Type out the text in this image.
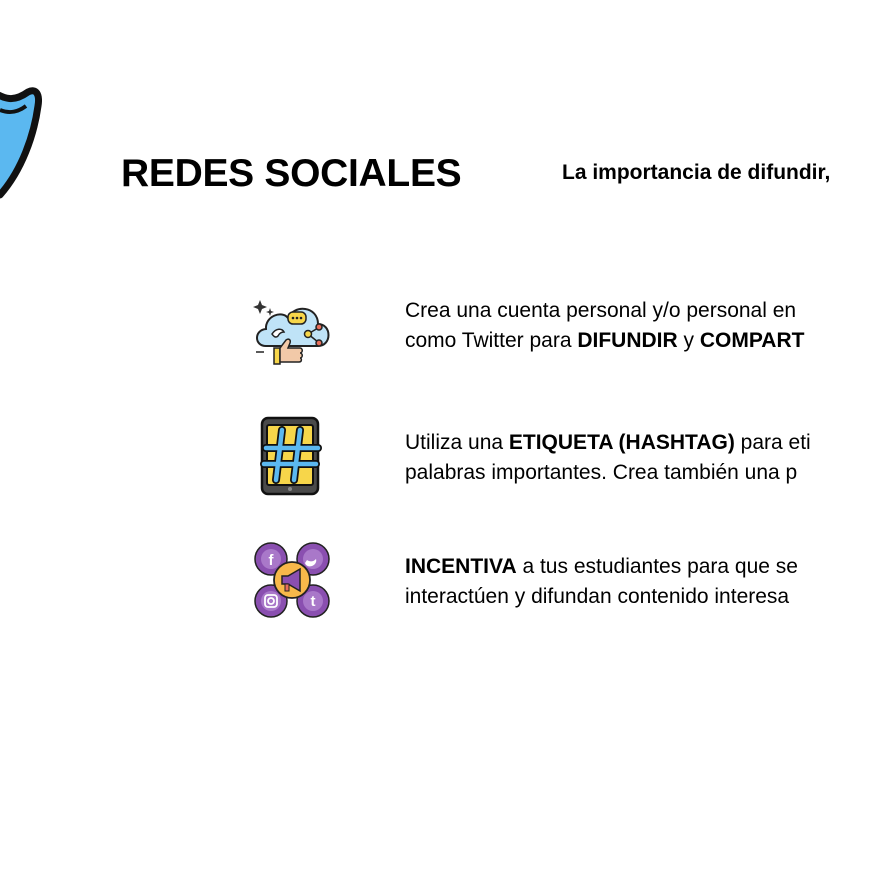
REDES SOCIALES	La importancia de difundir,
Crea una cuenta personal y/o personal en
como Twitter para DIFUNDIR y COMPART
Utiliza una ETIQUETA (HASHTAG) para eti
palabras importantes. Crea también una p
f
t
INCENTIVA a tus estudiantes para que se
interactúen y difundan contenido interesa
